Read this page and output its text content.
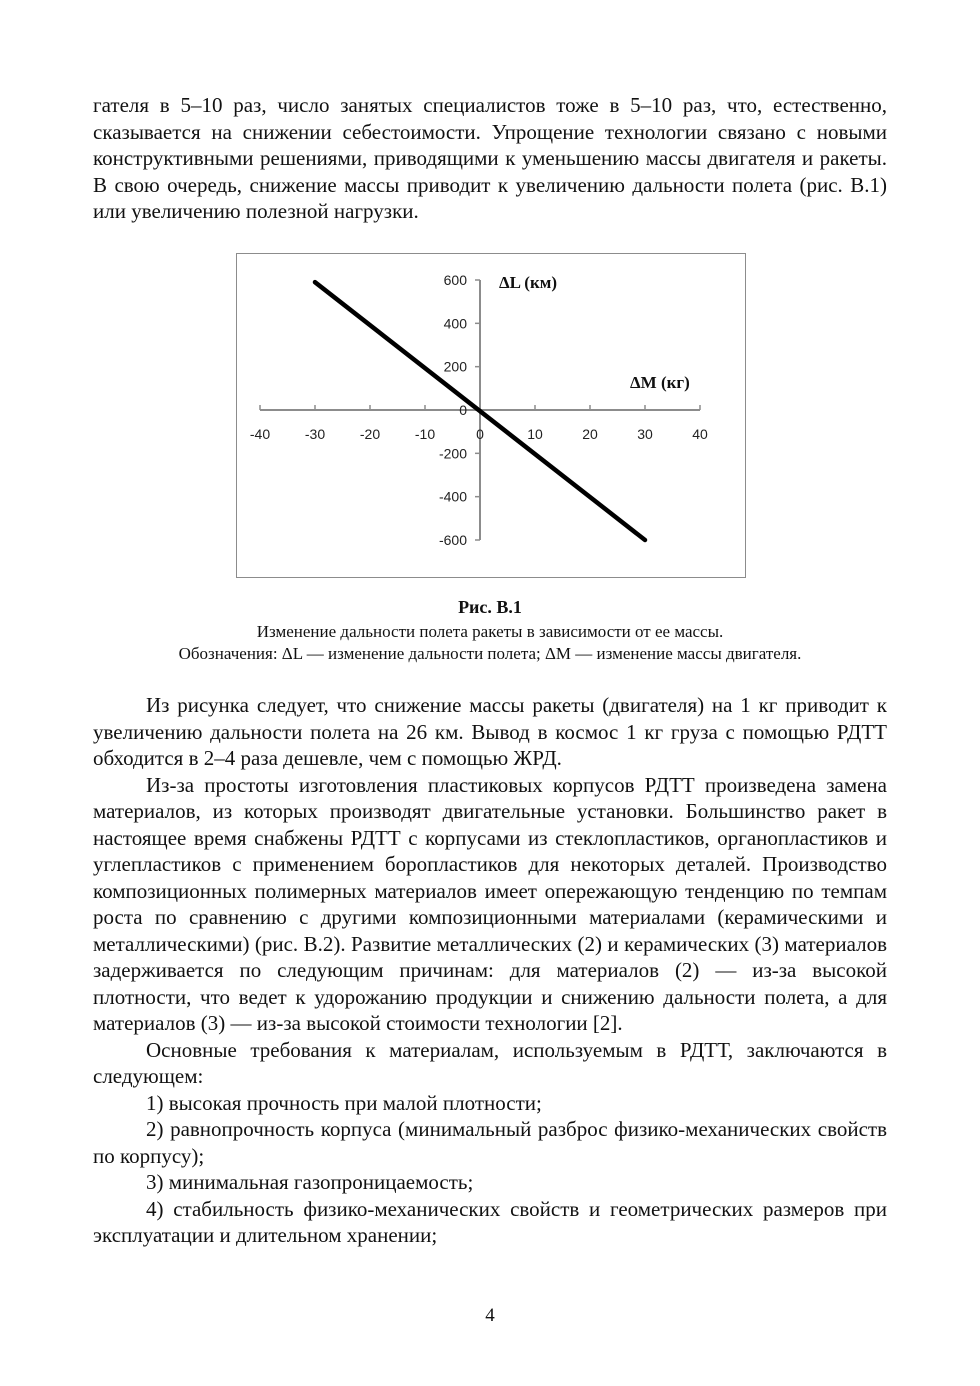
гателя в 5–10 раз, число занятых специалистов тоже в 5–10 раз, что, естественно, сказывается на снижении себестоимости. Упрощение технологии связано с новыми конструктивными решениями, приводящими к уменьшению массы двигателя и ракеты. В свою очередь, снижение массы приводит к увеличению дальности полета (рис. В.1) или увеличению полезной нагрузки.

-40 -30 -20 -10	0	10	20	30	40
600
400
200
0
-200
-400
-600
ΔL (км)
ΔM (кг)
Рис. В.1
Изменение дальности полета ракеты в зависимости от ее массы.
Обозначения: ΔL — изменение дальности полета; ΔM — изменение массы двигателя.

Из рисунка следует, что снижение массы ракеты (двигателя) на 1 кг приводит к увеличению дальности полета на 26 км. Вывод в космос 1 кг груза с помощью РДТТ обходится в 2–4 раза дешевле, чем с помощью ЖРД.

Из-за простоты изготовления пластиковых корпусов РДТТ произведена замена материалов, из которых производят двигательные установки. Большинство ракет в настоящее время снабжены РДТТ с корпусами из стеклопластиков, органопластиков и углепластиков с применением боропластиков для некоторых деталей. Производство композиционных полимерных материалов имеет опережающую тенденцию по темпам роста по сравнению с другими композиционными материалами (керамическими и металлическими) (рис. В.2). Развитие металлических (2) и керамических (3) материалов задерживается по следующим причинам: для материалов (2) — из-за высокой плотности, что ведет к удорожанию продукции и снижению дальности полета, а для материалов (3) — из-за высокой стоимости технологии [2].

Основные требования к материалам, используемым в РДТТ, заключаются в следующем:

1) высокая прочность при малой плотности;

2) равнопрочность корпуса (минимальный разброс физико-механических свойств по корпусу);

3) минимальная газопроницаемость;

4) стабильность физико-механических свойств и геометрических размеров при эксплуатации и длительном хранении;

4
